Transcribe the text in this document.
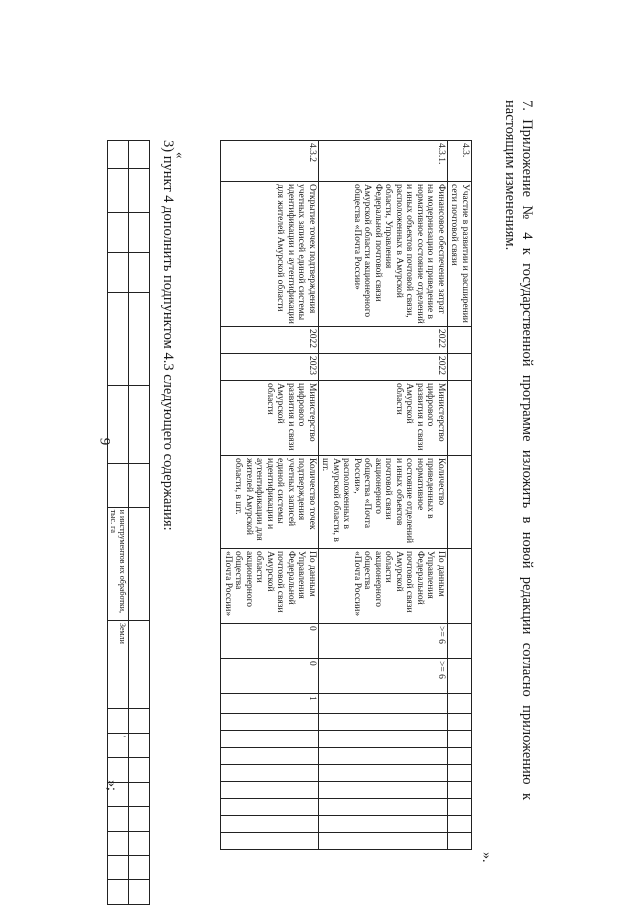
9

							и инструментов их обработки, тыс. га	Земли		'						
»;
3) пункт 4 дополнить подпунктом 4.3 следующего содержания:
«	4.3.	Участие в развитии и расширении сети почтовой связи																
4.3.1.	Финансовое обеспечение затрат на модернизацию и приведение в нормативное состояние отделений и иных объектов почтовой связи, расположенных в Амурской области, Управления Федеральной почтовой связи Амурской области акционерного общества «Почта России»	2022	2022	Министерство цифрового развития и связи Амурской области	Количество приведенных в нормативное состояние отделений и иных объектов почтовой связи акционерного общества «Почта России», расположенных в Амурской области, в шт.	По данным Управления Федеральной почтовой связи Амурской области акционерного общества «Почта России»	>= 6	>= 6									
4.3.2	Открытие точек подтверждения учетных записей единой системы идентификации и аутентификации для жителей Амурской области	2022	2023	Министерство цифрового развития и связи Амурской области	Количество точек подтверждения учетных записей единой системы идентификации и аутентификации для жителей Амурской области, в шт.	По данным Управления Федеральной почтовой связи Амурской области акционерного общества «Почта России»	0	0	1								
».
7. Приложение № 4 к государственной программе изложить в новой редакции согласно приложению к настоящим изменениям.
